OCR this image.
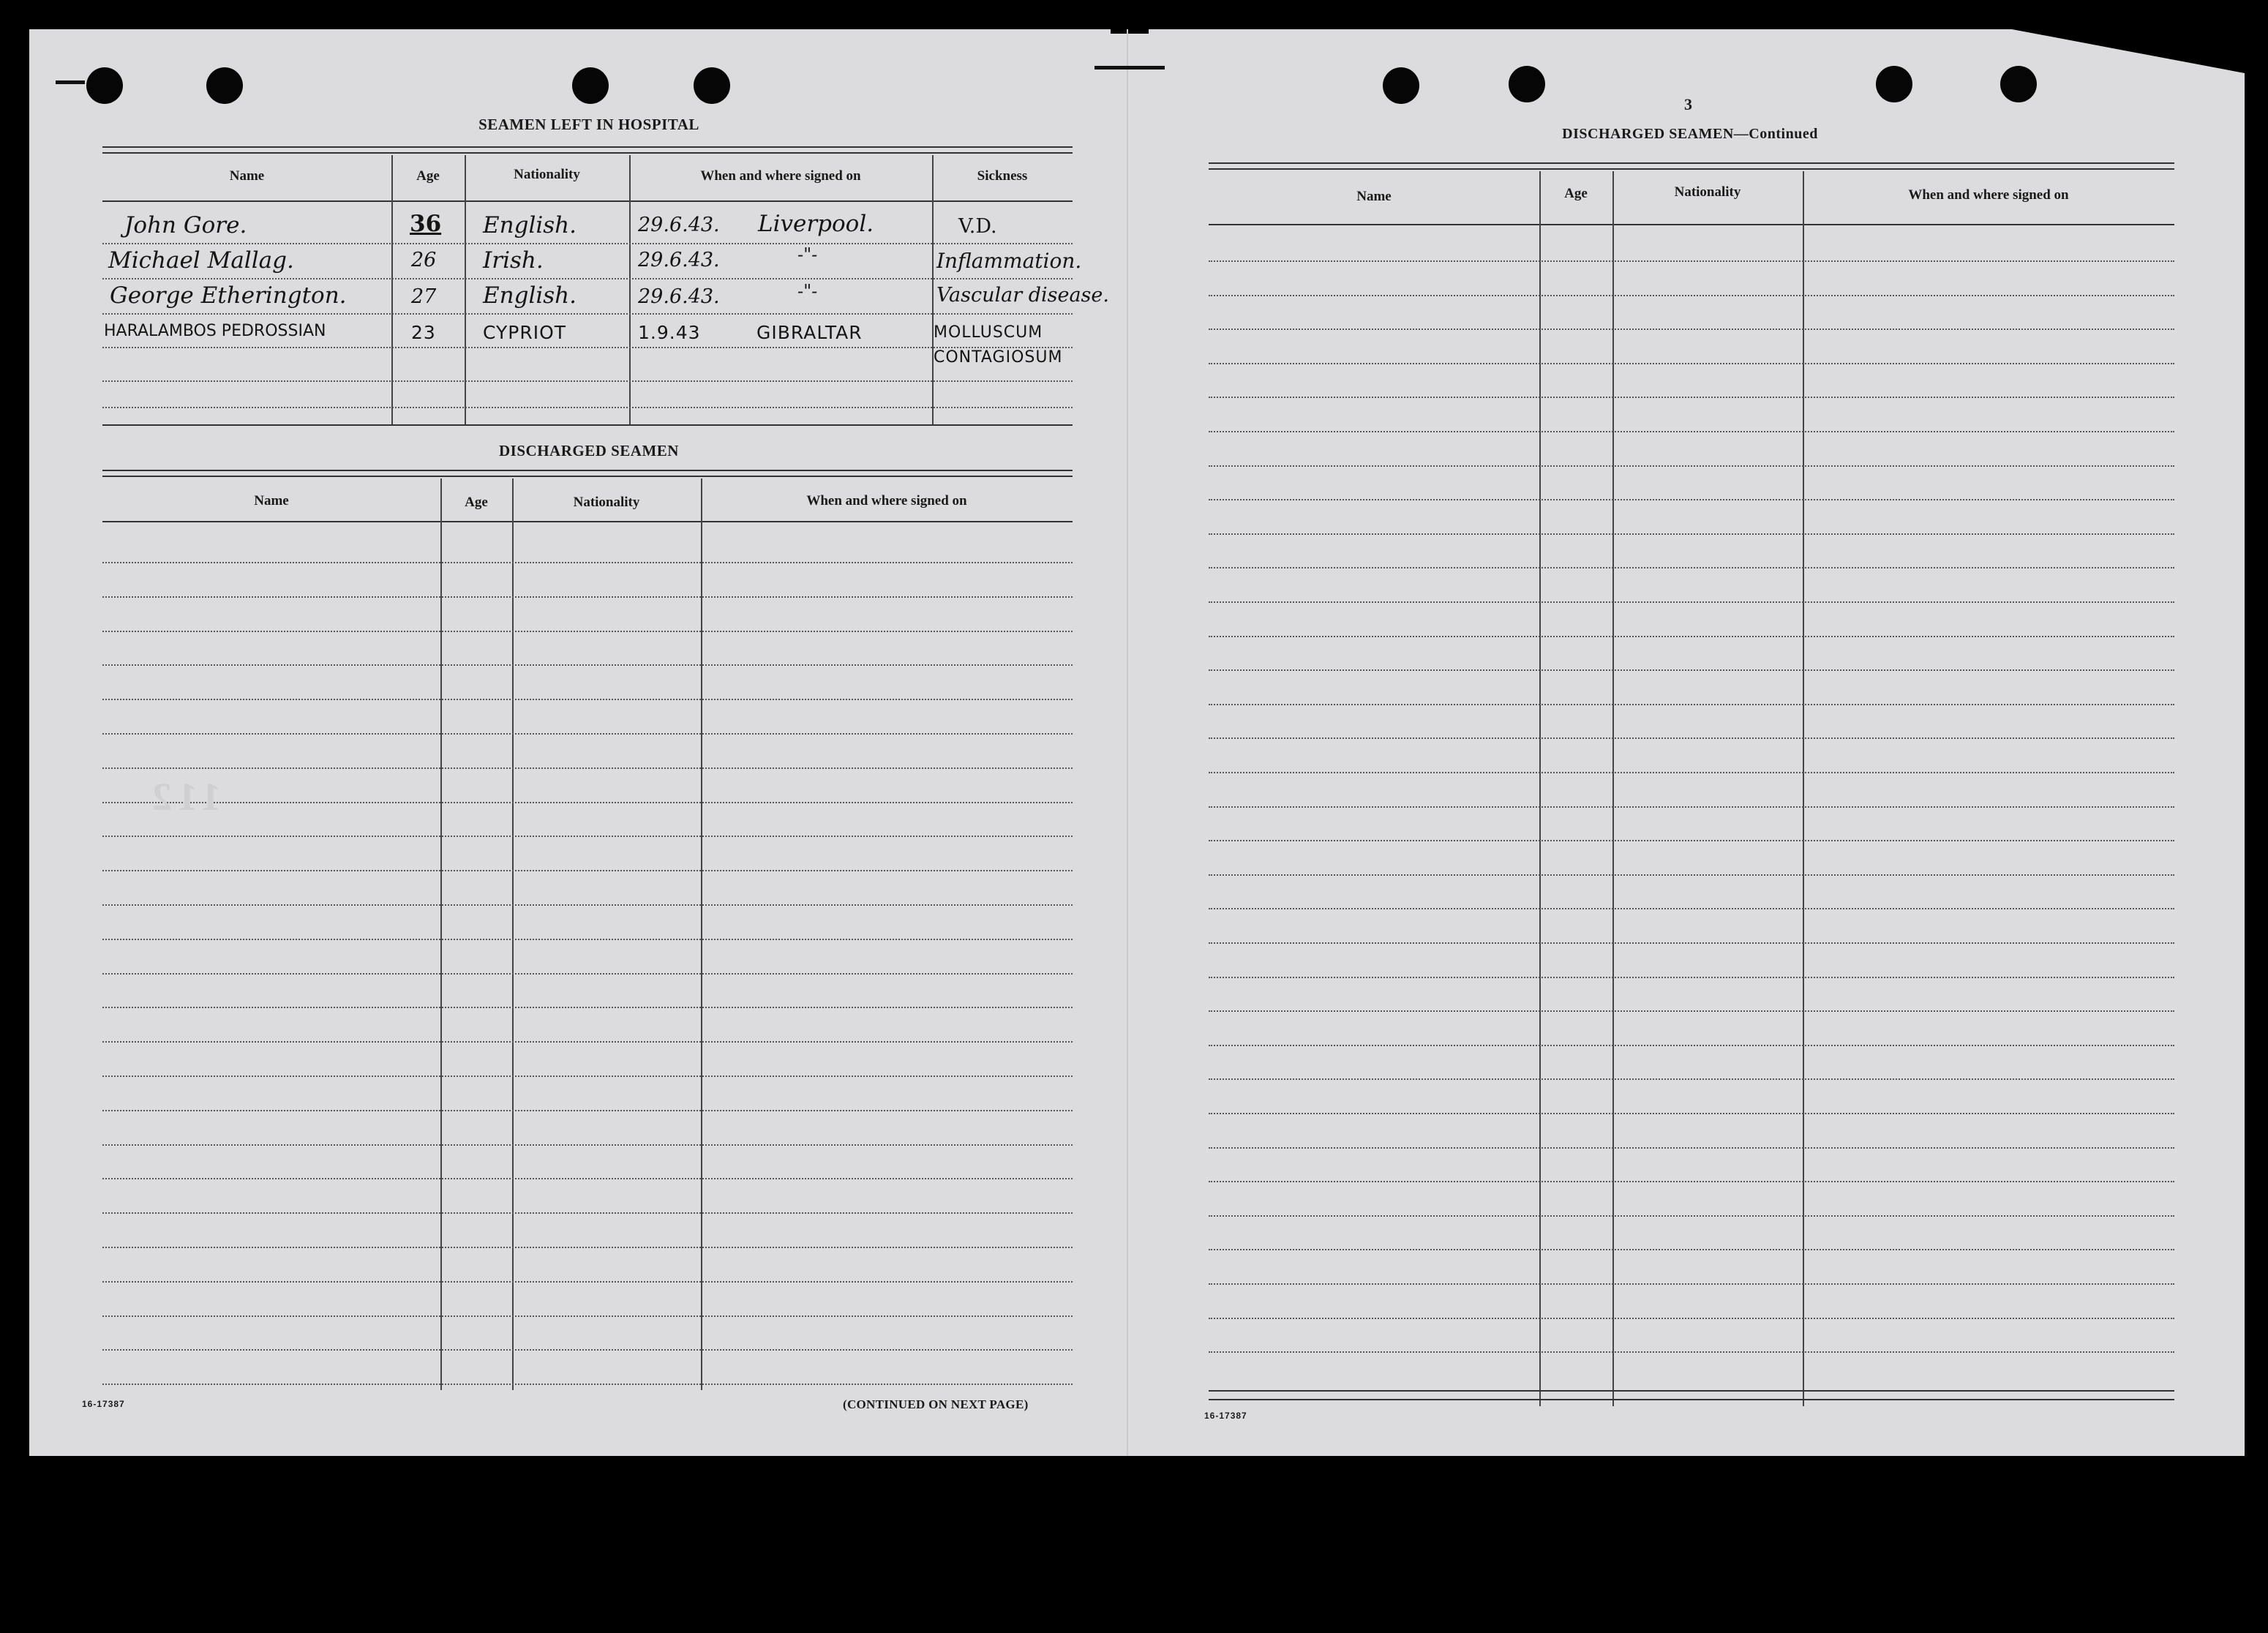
SEAMEN LEFT IN HOSPITAL
Name	Age	Nationality	When and where signed on	Sickness
John Gore.	36 English.	29.6.43. Liverpool.	V.D.
Michael Mallag.	26 Irish.	29.6.43.	-"-	Inflammation.
George Etherington.	27 English.	29.6.43.	-"-	Vascular disease.
HARALAMBOS PEDROSSIAN	23	CYPRIOT	1.9.43	GIBRALTAR	MOLLUSCUM CONTAGIOSUM
DISCHARGED SEAMEN
Name	Age	Nationality	When and where signed on
112
16-17387	(CONTINUED ON NEXT PAGE)
3
DISCHARGED SEAMEN—Continued
Name	Age	Nationality	When and where signed on
16-17387
